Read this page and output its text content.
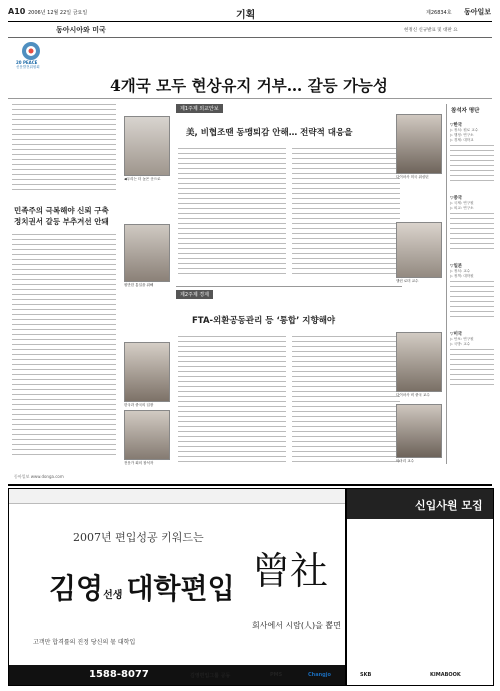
A10 2006년 12월 22일 금요일	기획	제26834호 동아일보
동아시아와 미국	현정신 신규발표 및 대판 요
20 PEACE
신문발전위원회
4개국 모두 현상유지 거부… 갈등 가능성
민족주의 극복해야 신뢰 구축
정치권서 갈등 부추겨선 안돼
◀우리는 더 높은 곳으로
원만한 통일을 위해
한국과 중국의 입장
전문가 회의 참석자
제1주제 외교안보
美, 비협조땐 동맹퇴감 안해… 전략적 대응을
제2주제 경제
FTA-외환공동관리 등 ‘통합’ 지향해야
다이마사 미국 워싱턴
앨런 로미 교수
다이마사 비 중국 교수
아마리 교수
참석자 명단
▽한국
▷ 정치: 원로 교수
▷ 행정: 연구소
▷ 경제: 대학교
▽중국
▷ 국제: 연구원
▷ 외교: 연구소
▽일본
▷ 정치: 교수
▷ 정책: 대학원
▽미국
▷ 안보: 연구원
▷ 국방: 교수
동아일보 www.donga.com
2007년 편입성공 키워드는
김영선생 대학편입
고객만 합격률의 진정 당신의 몫 대학입
1588-8077
신입사원 모집
曾社
회사에서 시람(人)을 뽑면
김영편입그룹 공동	PMS	Changjo	SKB	KIMABOOK
